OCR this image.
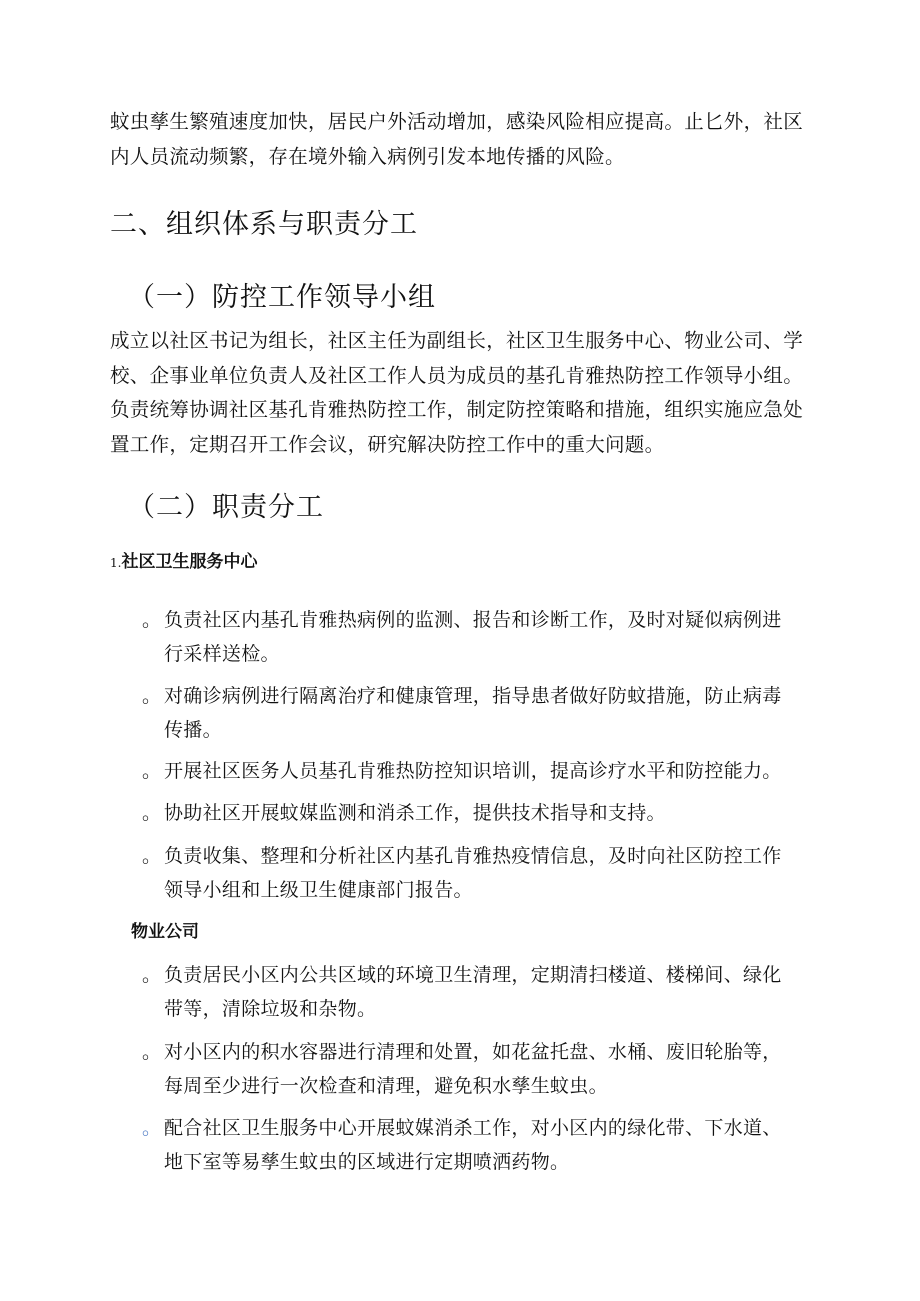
蚊虫孳生繁殖速度加快，居民户外活动增加，感染风险相应提高。止匕外，社区
内人员流动频繁，存在境外输入病例引发本地传播的风险。

二、组织体系与职责分工
（一）防控工作领导小组

成立以社区书记为组长，社区主任为副组长，社区卫生服务中心、物业公司、学
校、企事业单位负责人及社区工作人员为成员的基孔肯雅热防控工作领导小组。
负责统筹协调社区基孔肯雅热防控工作，制定防控策略和措施，组织实施应急处
置工作，定期召开工作会议，研究解决防控工作中的重大问题。

（二）职责分工
1.社区卫生服务中心
。 负责社区内基孔肯雅热病例的监测、报告和诊断工作，及时对疑似病例进
行采样送检。
。 对确诊病例进行隔离治疗和健康管理，指导患者做好防蚊措施，防止病毒
传播。
。 开展社区医务人员基孔肯雅热防控知识培训，提高诊疗水平和防控能力。
。 协助社区开展蚊媒监测和消杀工作，提供技术指导和支持。
。 负责收集、整理和分析社区内基孔肯雅热疫情信息，及时向社区防控工作
领导小组和上级卫生健康部门报告。
物业公司
。 负责居民小区内公共区域的环境卫生清理，定期清扫楼道、楼梯间、绿化
带等，清除垃圾和杂物。
。 对小区内的积水容器进行清理和处置，如花盆托盘、水桶、废旧轮胎等，
每周至少进行一次检查和清理，避免积水孳生蚊虫。
。 配合社区卫生服务中心开展蚊媒消杀工作，对小区内的绿化带、下水道、
地下室等易孳生蚊虫的区域进行定期喷洒药物。
